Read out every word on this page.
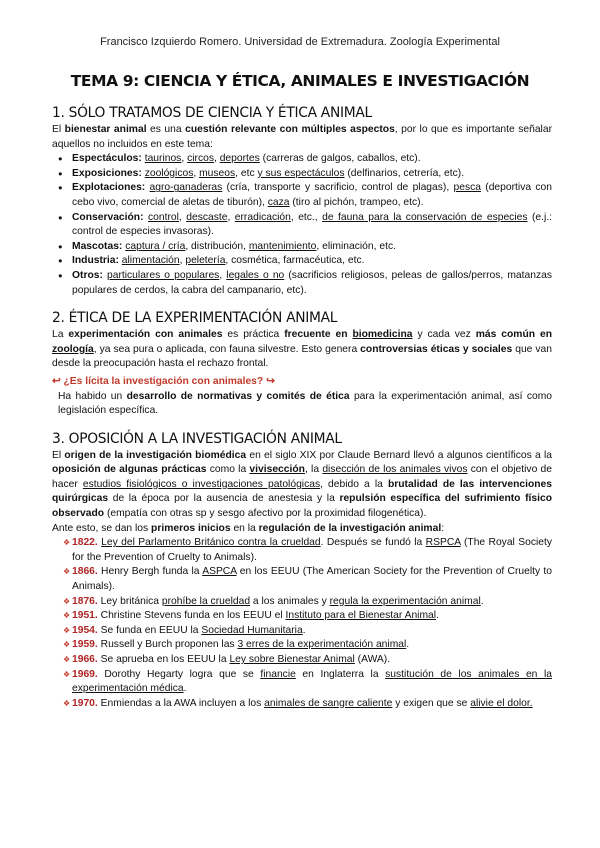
Francisco Izquierdo Romero. Universidad de Extremadura. Zoología Experimental
TEMA 9: CIENCIA Y ÉTICA, ANIMALES E INVESTIGACIÓN
1. SÓLO TRATAMOS DE CIENCIA Y ÉTICA ANIMAL

El bienestar animal es una cuestión relevante con múltiples aspectos, por lo que es importante señalar aquellos no incluidos en este tema:

● Espectáculos: taurinos, circos, deportes (carreras de galgos, caballos, etc).
● Exposiciones: zoológicos, museos, etc y sus espectáculos (delfinarios, cetrería, etc).
● Explotaciones: agro-ganaderas (cría, transporte y sacrificio, control de plagas), pesca (deportiva con cebo vivo, comercial de aletas de tiburón), caza (tiro al pichón, trampeo, etc).
● Conservación: control, descaste, erradicación, etc., de fauna para la conservación de especies (e.j.: control de especies invasoras).
● Mascotas: captura / cría, distribución, mantenimiento, eliminación, etc.
● Industria: alimentación, peletería, cosmética, farmacéutica, etc.
● Otros: particulares o populares, legales o no (sacrificios religiosos, peleas de gallos/perros, matanzas populares de cerdos, la cabra del campanario, etc).
2. ÉTICA DE LA EXPERIMENTACIÓN ANIMAL

La experimentación con animales es práctica frecuente en biomedicina y cada vez más común en zoología, ya sea pura o aplicada, con fauna silvestre. Esto genera controversias éticas y sociales que van desde la preocupación hasta el rechazo frontal.

↩ ¿Es lícita la investigación con animales? ↪

Ha habido un desarrollo de normativas y comités de ética para la experimentación animal, así como legislación específica.

3. OPOSICIÓN A LA INVESTIGACIÓN ANIMAL

El origen de la investigación biomédica en el siglo XIX por Claude Bernard llevó a algunos científicos a la oposición de algunas prácticas como la vivisección, la disección de los animales vivos con el objetivo de hacer estudios fisiológicos o investigaciones patológicas, debido a la brutalidad de las intervenciones quirúrgicas de la época por la ausencia de anestesia y la repulsión específica del sufrimiento físico observado (empatía con otras sp y sesgo afectivo por la proximidad filogenética).

Ante esto, se dan los primeros inicios en la regulación de la investigación animal:

❖ 1822. Ley del Parlamento Británico contra la crueldad. Después se fundó la RSPCA (The Royal Society for the Prevention of Cruelty to Animals).
❖ 1866. Henry Bergh funda la ASPCA en los EEUU (The American Society for the Prevention of Cruelty to Animals).
❖ 1876. Ley británica prohíbe la crueldad a los animales y regula la experimentación animal.
❖ 1951. Christine Stevens funda en los EEUU el Instituto para el Bienestar Animal.
❖ 1954. Se funda en EEUU la Sociedad Humanitaria.
❖ 1959. Russell y Burch proponen las 3 erres de la experimentación animal.
❖ 1966. Se aprueba en los EEUU la Ley sobre Bienestar Animal (AWA).
❖ 1969. Dorothy Hegarty logra que se financie en Inglaterra la sustitución de los animales en la experimentación médica.
❖ 1970. Enmiendas a la AWA incluyen a los animales de sangre caliente y exigen que se alivie el dolor.
